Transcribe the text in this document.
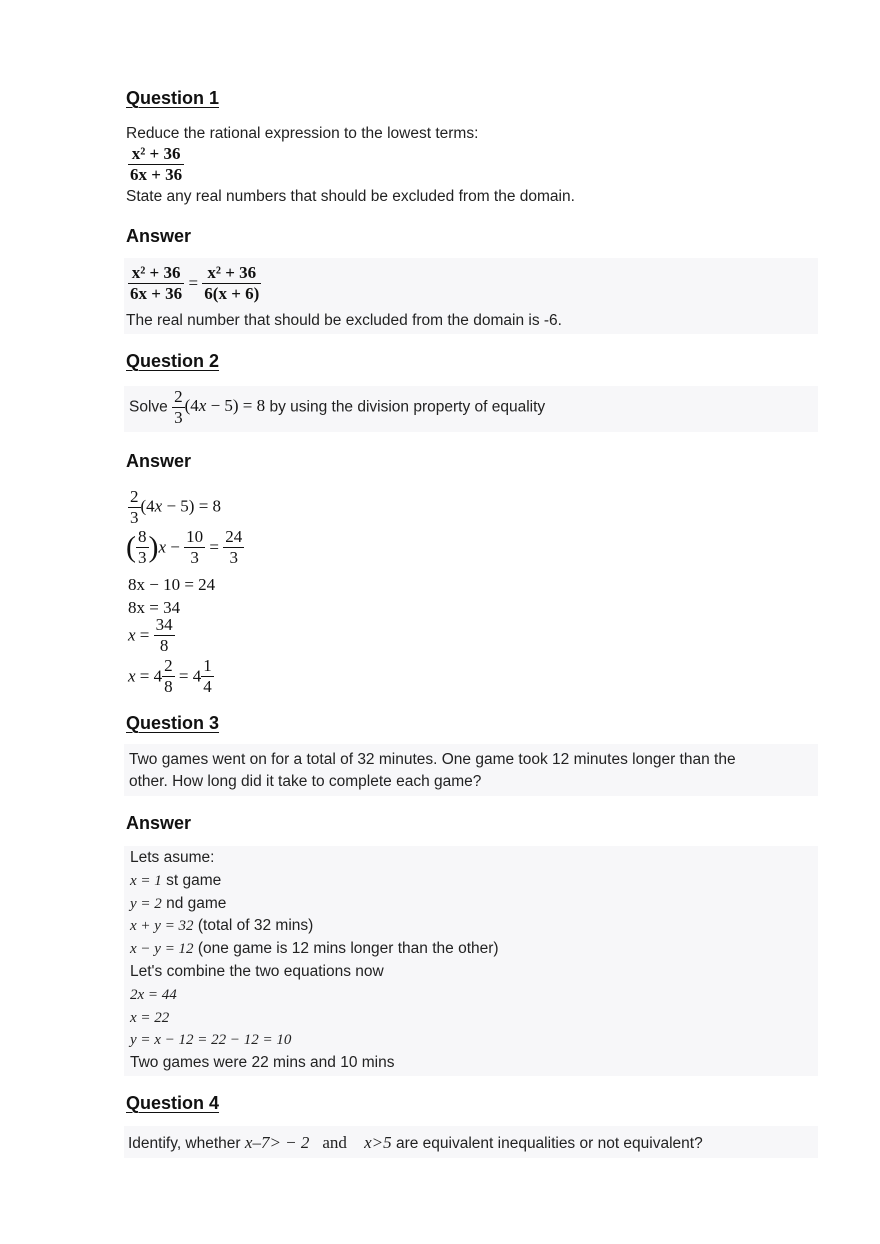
Question 1
Reduce the rational expression to the lowest terms:
$\frac{\text{x² + 36}}{6x + 36}$
State any real numbers that should be excluded from the domain.
Answer
$\frac{\text{x² + 36}}{6x + 36} = \frac{\text{x² + 36}}{6(x + 6)}$
The real number that should be excluded from the domain is -6.
Question 2
Solve $\frac{2}{3} (4x - 5) = 8$ by using the division property of equality
Answer
$\frac{2}{3} (4x - 5) = 8$
( $\frac{8}{3} )x - \frac{10}{3} = \frac{24}{3}$
8x − 10 = 24
8x = 34
$x = \frac{34}{8}$
$x = 4 \frac{2}{8} = 4 \frac{1}{4}$
Question 3
Two games went on for a total of 32 minutes. One game took 12 minutes longer than the
other. How long did it take to complete each game?
Answer
Lets asume:
x = 1 st game
y = 2 nd game
x + y = 32 (total of 32 mins)
x − y = 12 (one game is 12 mins longer than the other)
Let's combine the two equations now
2x = 44
x = 22
y = x − 12 = 22 − 12 = 10
Two games were 22 mins and 10 mins
Question 4
Identify, whether x–7> − 2 and x>5 are equivalent inequalities or not equivalent?
